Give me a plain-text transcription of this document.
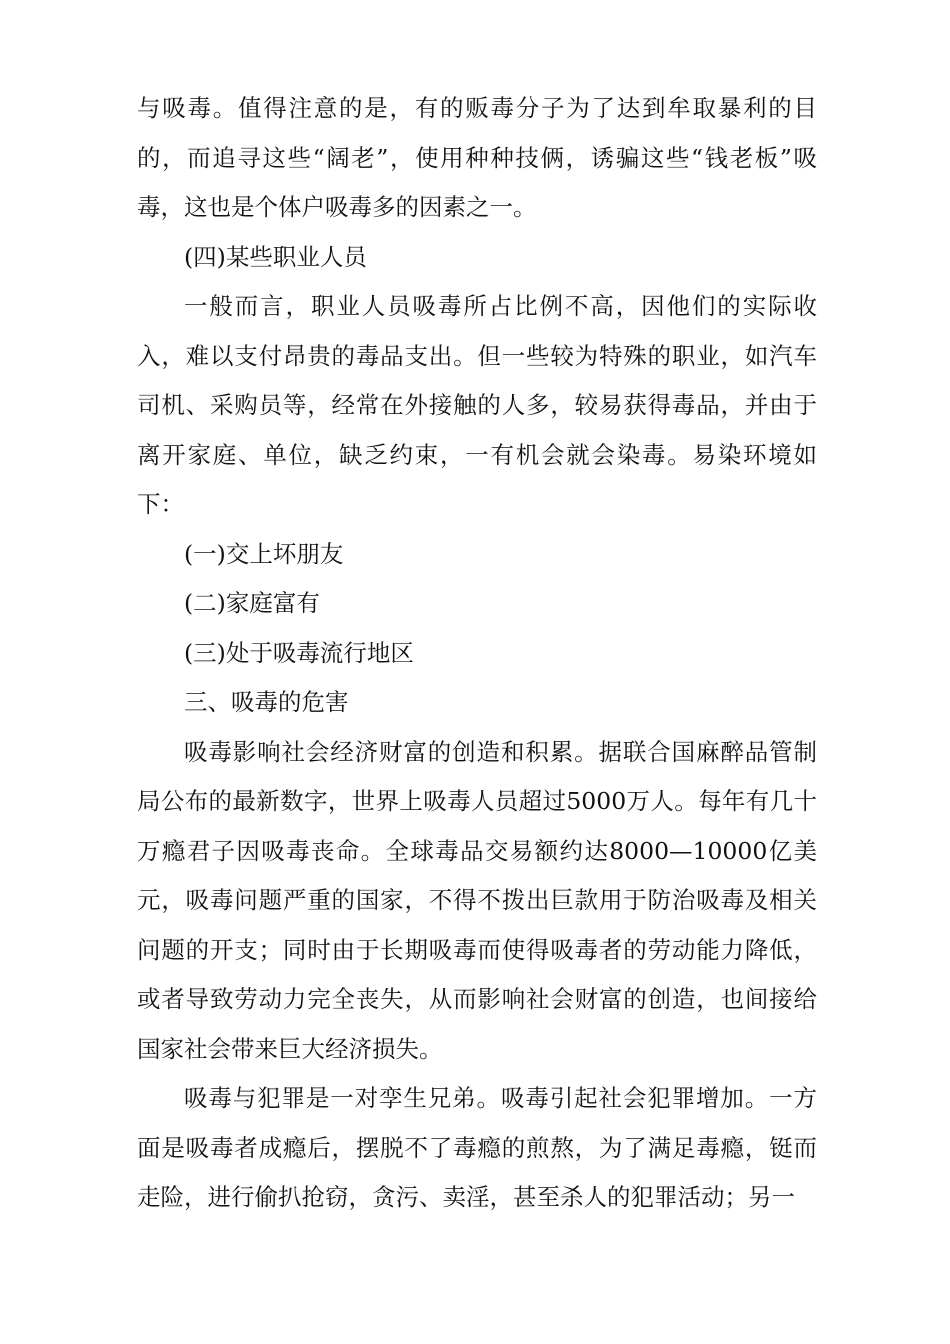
与吸毒。值得注意的是，有的贩毒分子为了达到牟取暴利的目的，而追寻这些“阔老”，使用种种技俩，诱骗这些“钱老板”吸毒，这也是个体户吸毒多的因素之一。

(四)某些职业人员

一般而言，职业人员吸毒所占比例不高，因他们的实际收入，难以支付昂贵的毒品支出。但一些较为特殊的职业，如汽车司机、采购员等，经常在外接触的人多，较易获得毒品，并由于离开家庭、单位，缺乏约束，一有机会就会染毒。易染环境如下：

(一)交上坏朋友

(二)家庭富有

(三)处于吸毒流行地区

三、吸毒的危害

吸毒影响社会经济财富的创造和积累。据联合国麻醉品管制局公布的最新数字，世界上吸毒人员超过5000万人。每年有几十万瘾君子因吸毒丧命。全球毒品交易额约达8000—10000亿美元，吸毒问题严重的国家，不得不拨出巨款用于防治吸毒及相关问题的开支；同时由于长期吸毒而使得吸毒者的劳动能力降低，或者导致劳动力完全丧失，从而影响社会财富的创造，也间接给国家社会带来巨大经济损失。

吸毒与犯罪是一对孪生兄弟。吸毒引起社会犯罪增加。一方面是吸毒者成瘾后，摆脱不了毒瘾的煎熬，为了满足毒瘾，铤而走险，进行偷扒抢窃，贪污、卖淫，甚至杀人的犯罪活动；另一
